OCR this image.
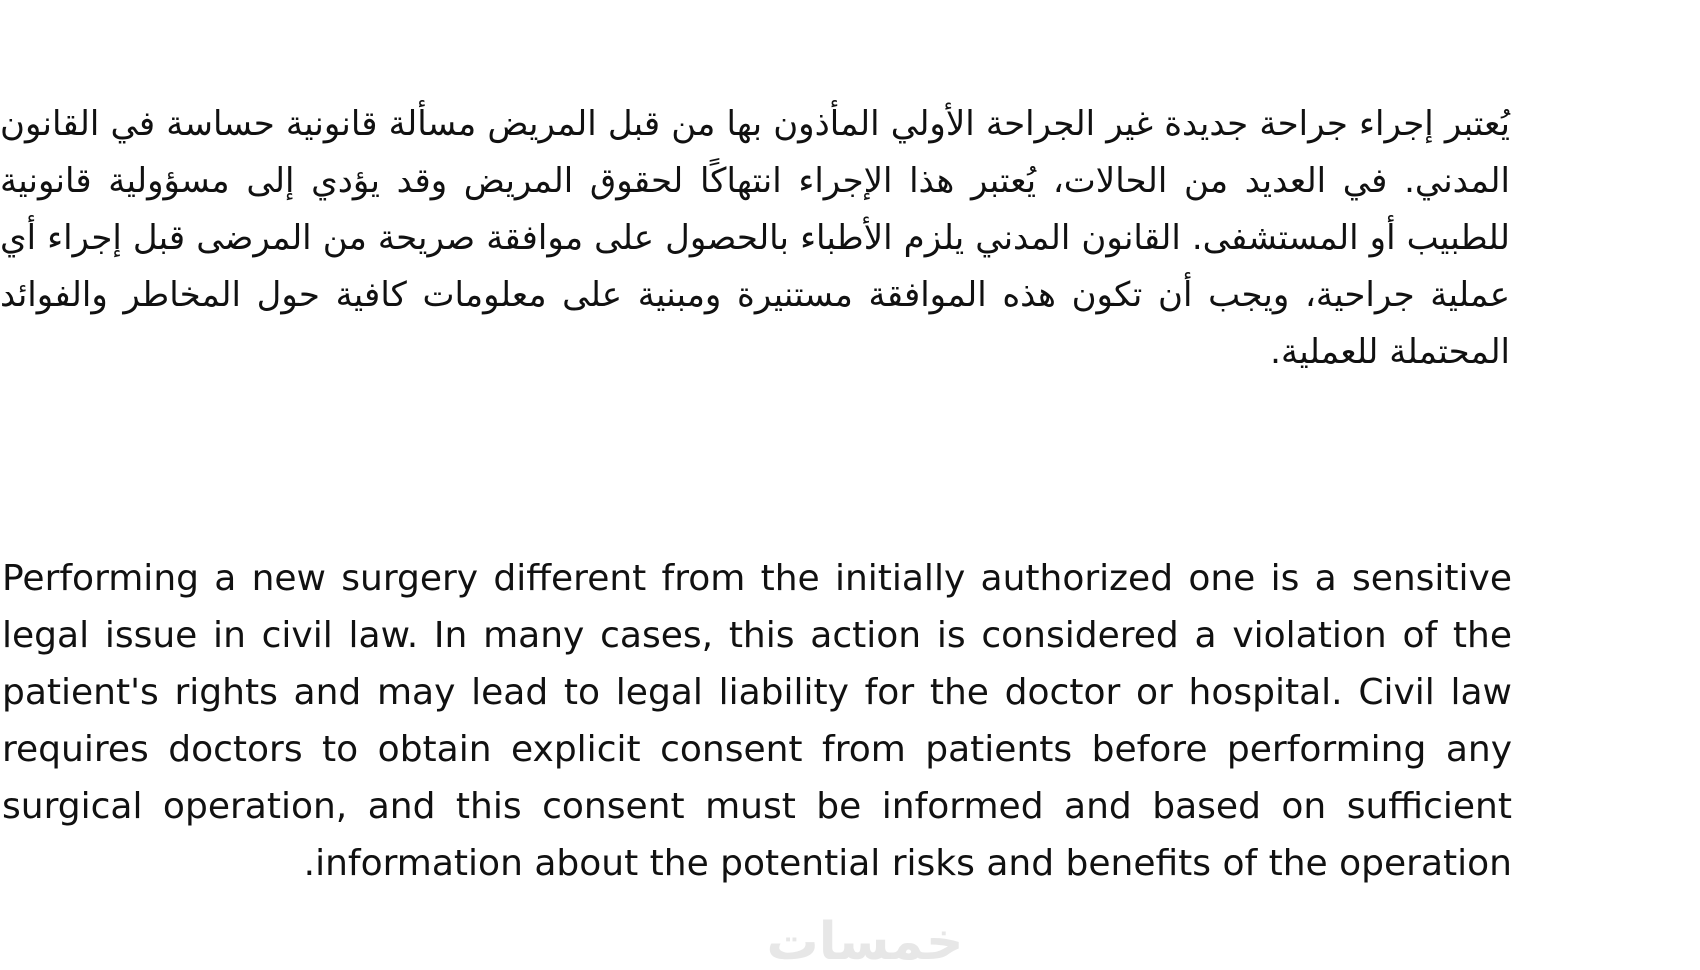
يُعتبر إجراء جراحة جديدة غير الجراحة الأولي المأذون بها من قبل المريض مسألة قانونية حساسة في القانون المدني. في العديد من الحالات، يُعتبر هذا الإجراء انتهاكًا لحقوق المريض وقد يؤدي إلى مسؤولية قانونية للطبيب أو المستشفى. القانون المدني يلزم الأطباء بالحصول على موافقة صريحة من المرضى قبل إجراء أي عملية جراحية، ويجب أن تكون هذه الموافقة مستنيرة ومبنية على معلومات كافية حول المخاطر والفوائد المحتملة للعملية.

Performing a new surgery different from the initially authorized one is a sensitive legal issue in civil law. In many cases, this action is considered a violation of the patient's rights and may lead to legal liability for the doctor or hospital. Civil law requires doctors to obtain explicit consent from patients before performing any surgical operation, and this consent must be informed and based on sufficient information about the potential risks and benefits of the operation.

خمسات
